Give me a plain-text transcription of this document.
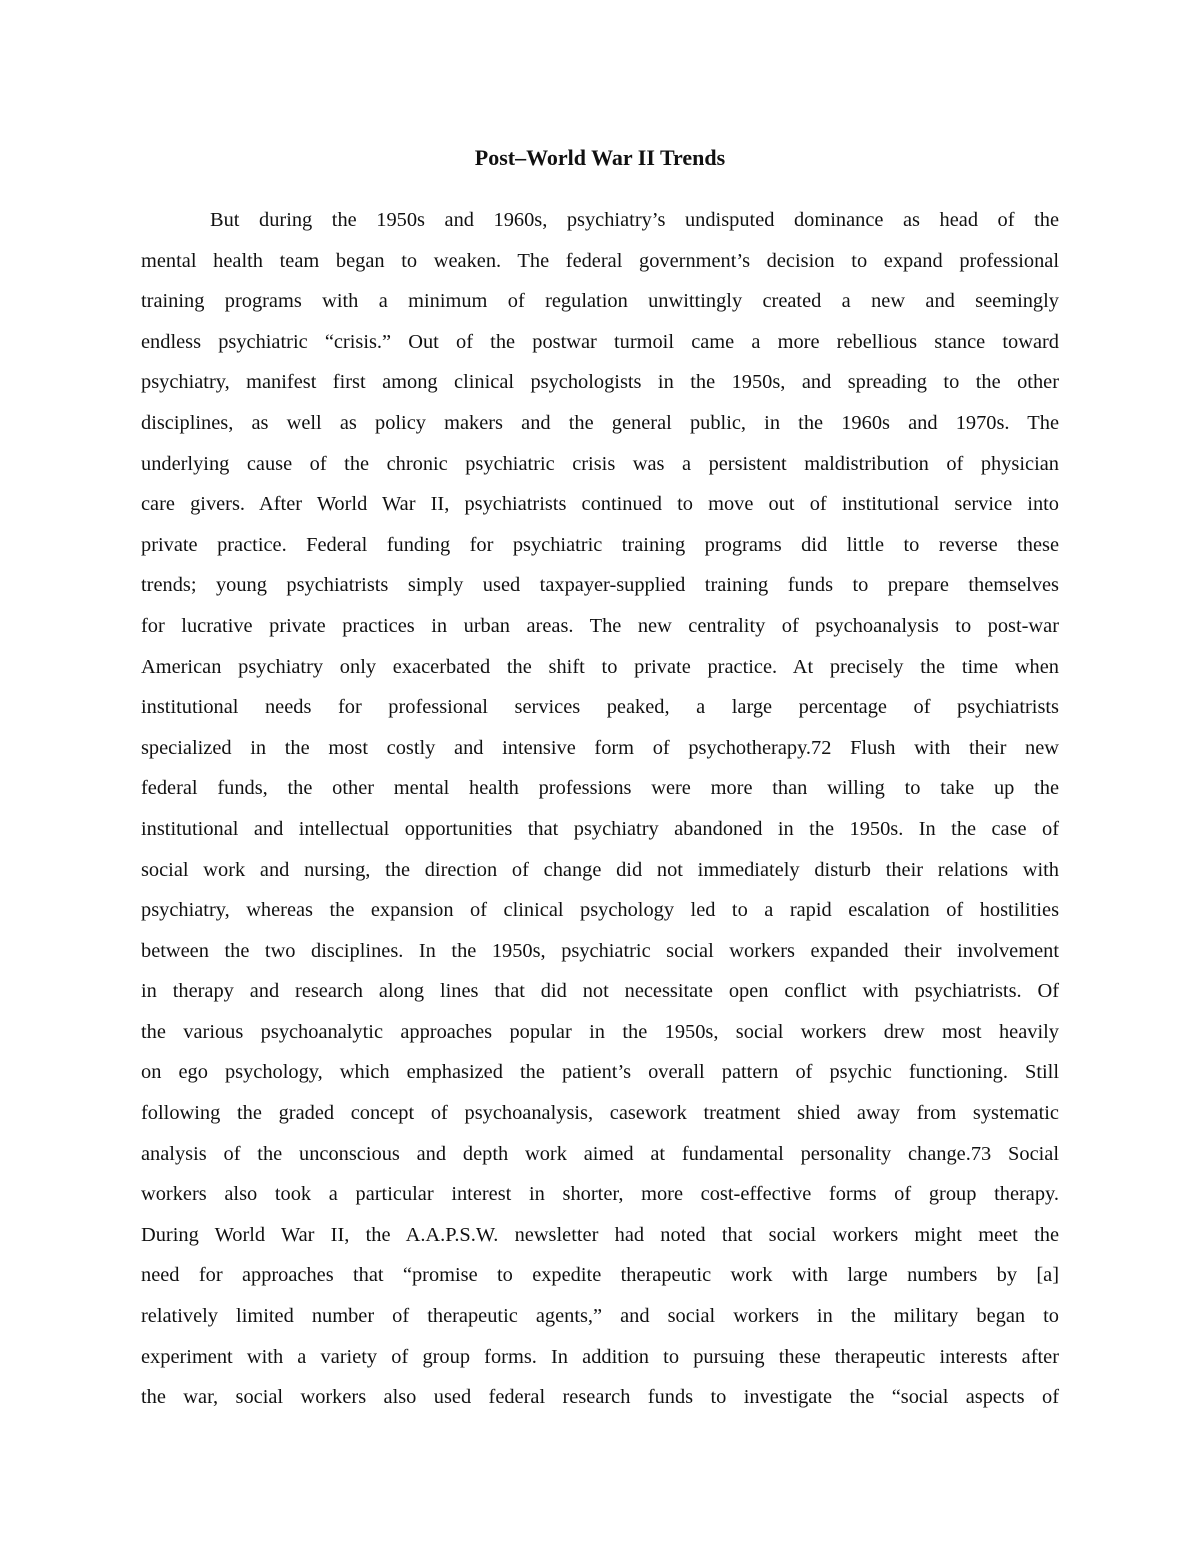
Post–World War II Trends
But during the 1950s and 1960s, psychiatry’s undisputed dominance as head of the
mental health team began to weaken. The federal government’s decision to expand professional
training programs with a minimum of regulation unwittingly created a new and seemingly
endless psychiatric “crisis.” Out of the postwar turmoil came a more rebellious stance toward
psychiatry, manifest first among clinical psychologists in the 1950s, and spreading to the other
disciplines, as well as policy makers and the general public, in the 1960s and 1970s. The
underlying cause of the chronic psychiatric crisis was a persistent maldistribution of physician
care givers. After World War II, psychiatrists continued to move out of institutional service into
private practice. Federal funding for psychiatric training programs did little to reverse these
trends; young psychiatrists simply used taxpayer-supplied training funds to prepare themselves
for lucrative private practices in urban areas. The new centrality of psychoanalysis to post-war
American psychiatry only exacerbated the shift to private practice. At precisely the time when
institutional needs for professional services peaked, a large percentage of psychiatrists
specialized in the most costly and intensive form of psychotherapy.72 Flush with their new
federal funds, the other mental health professions were more than willing to take up the
institutional and intellectual opportunities that psychiatry abandoned in the 1950s. In the case of
social work and nursing, the direction of change did not immediately disturb their relations with
psychiatry, whereas the expansion of clinical psychology led to a rapid escalation of hostilities
between the two disciplines. In the 1950s, psychiatric social workers expanded their involvement
in therapy and research along lines that did not necessitate open conflict with psychiatrists. Of
the various psychoanalytic approaches popular in the 1950s, social workers drew most heavily
on ego psychology, which emphasized the patient’s overall pattern of psychic functioning. Still
following the graded concept of psychoanalysis, casework treatment shied away from systematic
analysis of the unconscious and depth work aimed at fundamental personality change.73 Social
workers also took a particular interest in shorter, more cost-effective forms of group therapy.
During World War II, the A.A.P.S.W. newsletter had noted that social workers might meet the
need for approaches that “promise to expedite therapeutic work with large numbers by [a]
relatively limited number of therapeutic agents,” and social workers in the military began to
experiment with a variety of group forms. In addition to pursuing these therapeutic interests after
the war, social workers also used federal research funds to investigate the “social aspects of
